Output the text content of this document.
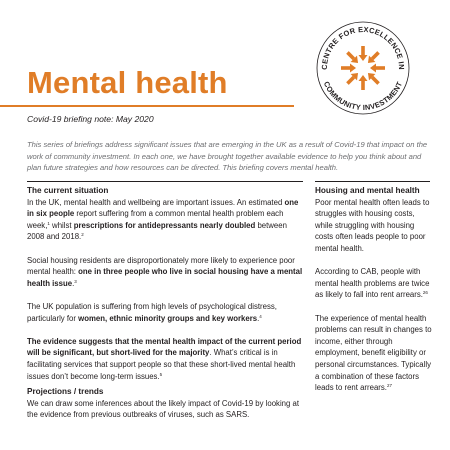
CENTRE FOR EXCELLENCE IN
COMMUNITY INVESTMENT
Mental health
Covid-19 briefing note: May 2020

This series of briefings address significant issues that are emerging in the UK as a result of Covid-19 that impact on the work of community investment. In each one, we have brought together available evidence to help you think about and plan future strategies and how resources can be directed. This briefing covers mental health.

The current situation

In the UK, mental health and wellbeing are important issues. An estimated one in six people report suffering from a common mental health problem each week,$^1$ whilst prescriptions for antidepressants nearly doubled between 2008 and 2018.$^2$

Social housing residents are disproportionately more likely to experience poor mental health: one in three people who live in social housing have a mental health issue.$^3$

The UK population is suffering from high levels of psychological distress, particularly for women, ethnic minority groups and key workers.$^4$

The evidence suggests that the mental health impact of the current period will be significant, but short-lived for the majority. What’s critical is in facilitating services that support people so that these short-lived mental health issues don’t become long-term issues.$^5$

Projections / trends

We can draw some inferences about the likely impact of Covid-19 by looking at the evidence from previous outbreaks of viruses, such as SARS.

Housing and mental health

Poor mental health often leads to struggles with housing costs, while struggling with housing costs often leads people to poor mental health.

According to CAB, people with mental health problems are twice as likely to fall into rent arrears.$^{26}$

The experience of mental health problems can result in changes to income, either through employment, benefit eligibility or personal circumstances. Typically a combination of these factors leads to rent arrears.$^{27}$
